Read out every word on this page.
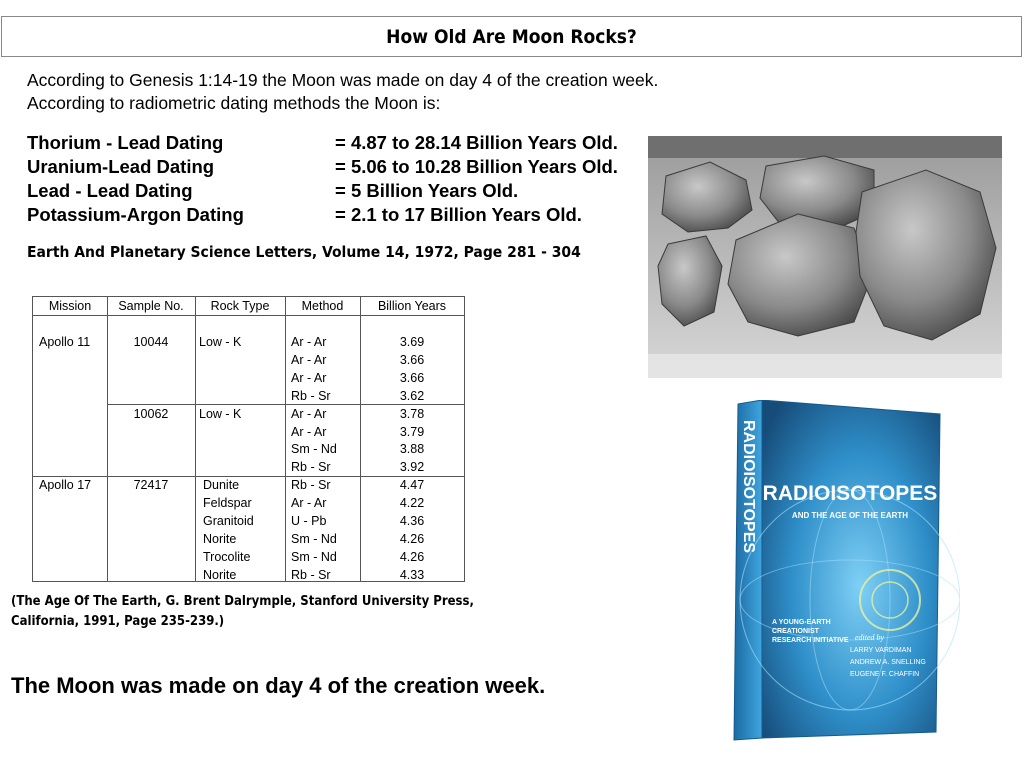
How Old Are Moon Rocks?
According to Genesis 1:14-19 the Moon was made on day 4 of the creation week.
According to radiometric dating methods the Moon is:
Thorium - Lead Dating	= 4.87 to 28.14 Billion Years Old.
Uranium-Lead Dating	= 5.06 to 10.28 Billion Years Old.
Lead - Lead Dating	= 5 Billion Years Old.
Potassium-Argon Dating	= 2.1 to 17 Billion Years Old.
Earth And Planetary Science Letters, Volume 14, 1972, Page 281 - 304
Mission	Sample No.	Rock Type	Method	Billion Years
Apollo 11	10044	Low - K	Ar - Ar	3.69
Ar - Ar	3.66
Ar - Ar	3.66
Rb - Sr	3.62
10062	Low - K	Ar - Ar	3.78
Ar - Ar	3.79
Sm - Nd	3.88
Rb - Sr	3.92
Apollo 17	72417	Dunite	Rb - Sr	4.47
Feldspar	Ar - Ar	4.22
Granitoid	U - Pb	4.36
Norite	Sm - Nd	4.26
Trocolite	Sm - Nd	4.26
Norite	Rb - Sr	4.33
(The Age Of The Earth, G. Brent Dalrymple, Stanford University Press,
California, 1991, Page 235-239.)
The Moon was made on day 4 of the creation week.
RADIOISOTOPES
AND THE AGE OF THE EARTH
A YOUNG-EARTH
CREATIONIST
RESEARCH INITIATIVE edited by
LARRY VARDIMAN
ANDREW A. SNELLING
EUGENE F. CHAFFIN
RADIOISOTOPES
